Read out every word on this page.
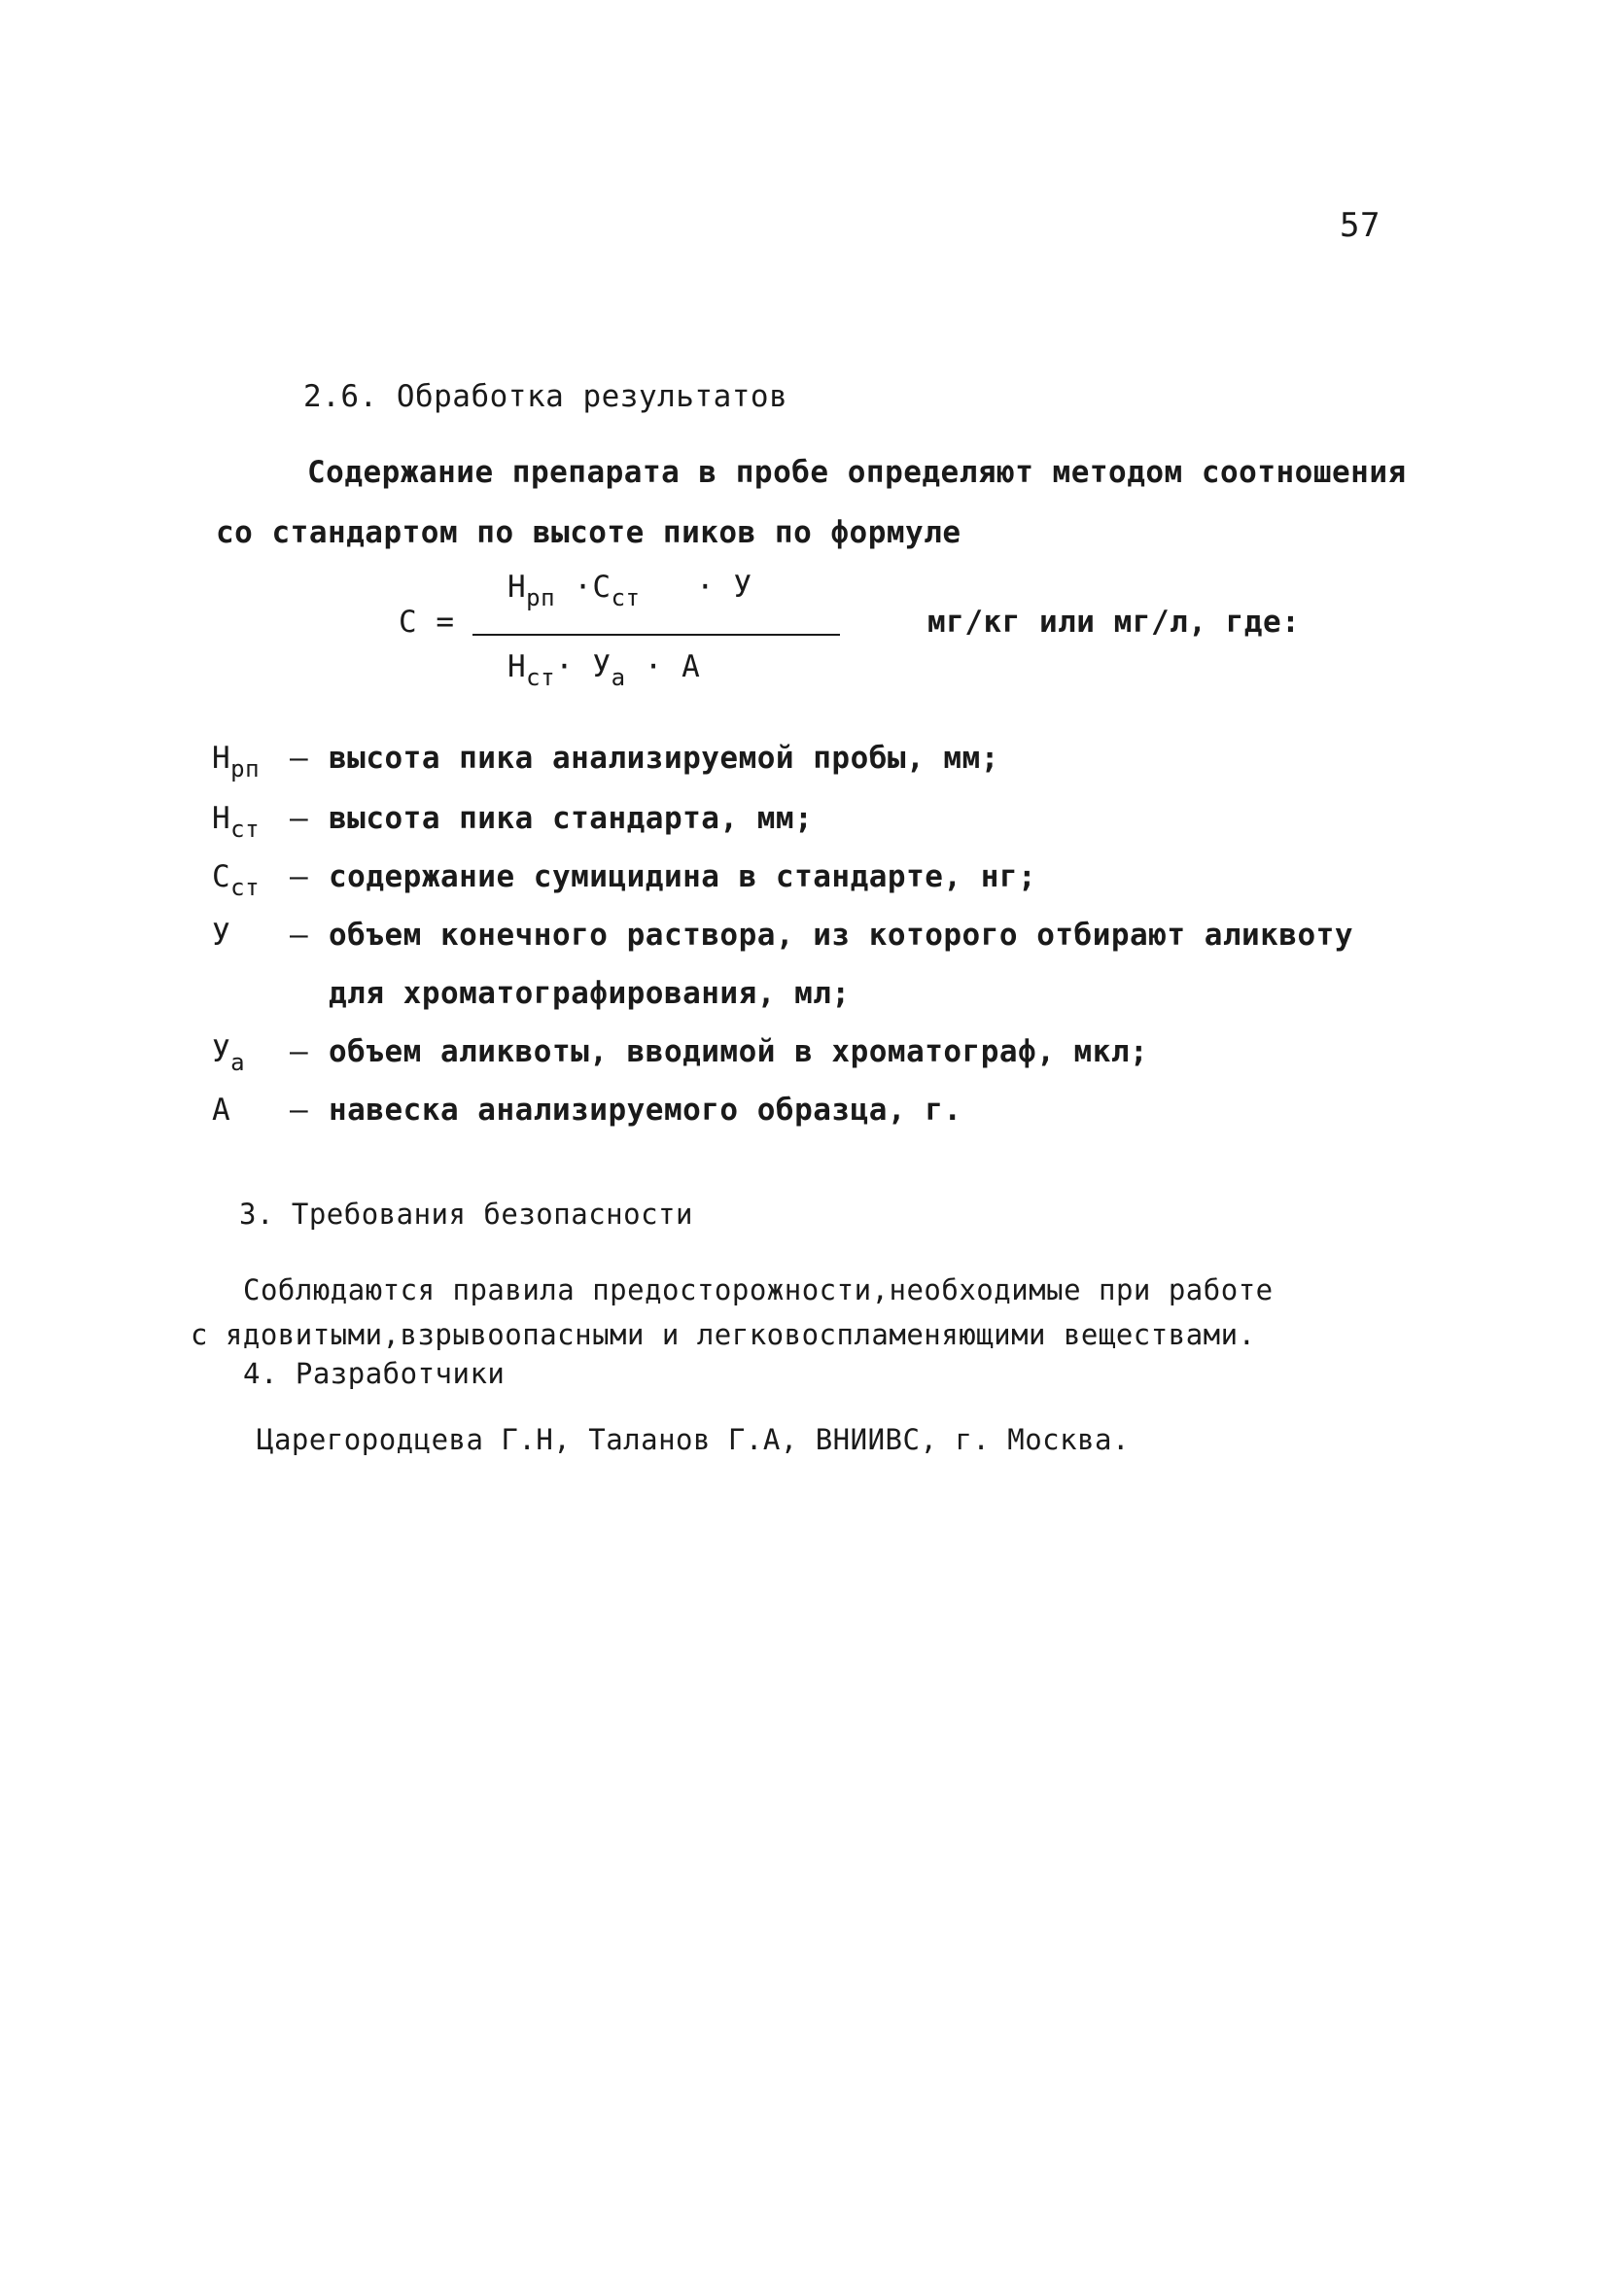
57
2.6. Обработка результатов
Содержание препарата в пробе определяют методом соотношения
со стандартом по высоте пиков по формуле
С =
$Н_{рп} \cdot С_{ст} \cdot У$
$Н_{ст}\cdot У_а \cdot А$
мг/кг или мг/л, где:
$Н_{рп}$ – высота пика анализируемой пробы, мм;
$Н_{ст}$ – высота пика стандарта, мм;
$С_{ст}$ – содержание сумицидина в стандарте, нг;
У – объем конечного раствора, из которого отбирают аликвоту
для хроматографирования, мл;
$У_а$ – объем аликвоты, вводимой в хроматограф, мкл;
А – навеска анализируемого образца, г.
3. Требования безопасности
Соблюдаются правила предосторожности,необходимые при работе
с ядовитыми,взрывоопасными и легковоспламеняющими веществами.
4. Разработчики
Царегородцева Г.Н, Таланов Г.А, ВНИИВС, г. Москва.
